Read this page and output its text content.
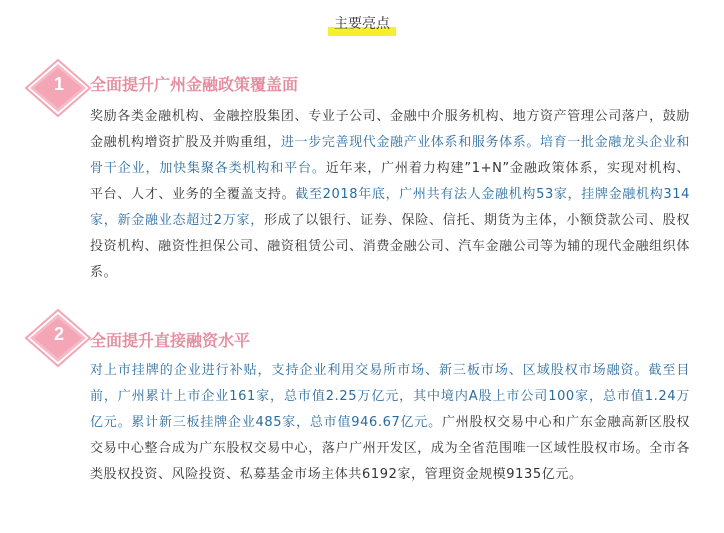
主要亮点
1 全面提升广州金融政策覆盖面
奖励各类金融机构、金融控股集团、专业子公司、金融中介服务机构、地方资产管理公司落户，鼓励金融机构增资扩股及并购重组，进一步完善现代金融产业体系和服务体系。培育一批金融龙头企业和骨干企业，加快集聚各类机构和平台。近年来，广州着力构建”1+N”金融政策体系，实现对机构、平台、人才、业务的全覆盖支持。截至2018年底，广州共有法人金融机构53家，挂牌金融机构314家，新金融业态超过2万家，形成了以银行、证券、保险、信托、期货为主体，小额贷款公司、股权投资机构、融资性担保公司、融资租赁公司、消费金融公司、汽车金融公司等为辅的现代金融组织体系。
2 全面提升直接融资水平
对上市挂牌的企业进行补贴，支持企业利用交易所市场、新三板市场、区域股权市场融资。截至目前，广州累计上市企业161家，总市值2.25万亿元，其中境内A股上市公司100家，总市值1.24万亿元。累计新三板挂牌企业485家，总市值946.67亿元。广州股权交易中心和广东金融高新区股权交易中心整合成为广东股权交易中心，落户广州开发区，成为全省范围唯一区域性股权市场。全市各类股权投资、风险投资、私募基金市场主体共6192家，管理资金规模9135亿元。
